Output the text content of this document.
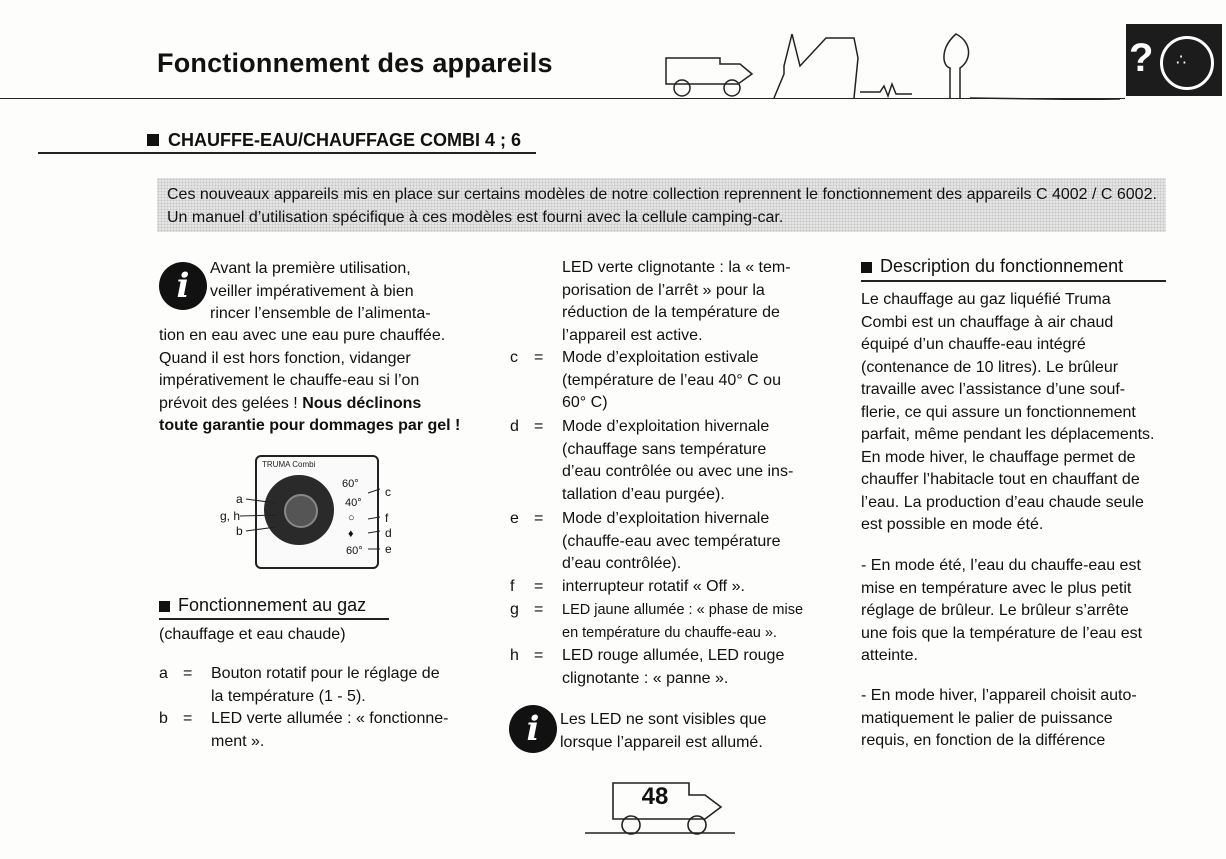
Fonctionnement des appareils	? ∴
CHAUFFE-EAU/CHAUFFAGE COMBI 4 ; 6
Ces nouveaux appareils mis en place sur certains modèles de notre collection reprennent le fonctionnement des appareils C 4002 / C 6002.
Un manuel d’utilisation spécifique à ces modèles est fourni avec la cellule camping-car.
i	Avant la première utilisation,
veiller impérativement à bien
rincer l’ensemble de l’alimenta-
tion en eau avec une eau pure chauffée.
Quand il est hors fonction, vidanger
impérativement le chauffe-eau si l’on
prévoit des gelées ! Nous déclinons
toute garantie pour dommages par gel !
TRUMA Combi
60°
40°
○
♦
60°
a
g, h
b
c
f
d
e
Fonctionnement au gaz
(chauffage et eau chaude)
a = Bouton rotatif pour le réglage de
la température (1 - 5).
b = LED verte allumée : « fonctionne-
ment ».
LED verte clignotante : la « tem-
porisation de l’arrêt » pour la
réduction de la température de
l’appareil est active.
c	= Mode d’exploitation estivale
(température de l’eau 40° C ou
60° C)
d = Mode d’exploitation hivernale
(chauffage sans température
d’eau contrôlée ou avec une ins-
tallation d’eau purgée).
e = Mode d’exploitation hivernale
(chauffe-eau avec température
d’eau contrôlée).
f	= interrupteur rotatif « Off ».
g = LED jaune allumée : « phase de mise
en température du chauffe-eau ».
h = LED rouge allumée, LED rouge
clignotante : « panne ».
i	Les LED ne sont visibles que
lorsque l’appareil est allumé.
Description du fonctionnement
Le chauffage au gaz liquéfié Truma
Combi est un chauffage à air chaud
équipé d’un chauffe-eau intégré
(contenance de 10 litres). Le brûleur
travaille avec l’assistance d’une souf-
flerie, ce qui assure un fonctionnement
parfait, même pendant les déplacements.
En mode hiver, le chauffage permet de
chauffer l’habitacle tout en chauffant de
l’eau. La production d’eau chaude seule
est possible en mode été.
- En mode été, l’eau du chauffe-eau est
mise en température avec le plus petit
réglage de brûleur. Le brûleur s’arrête
une fois que la température de l’eau est
atteinte.
- En mode hiver, l’appareil choisit auto-
matiquement le palier de puissance
requis, en fonction de la différence
48
